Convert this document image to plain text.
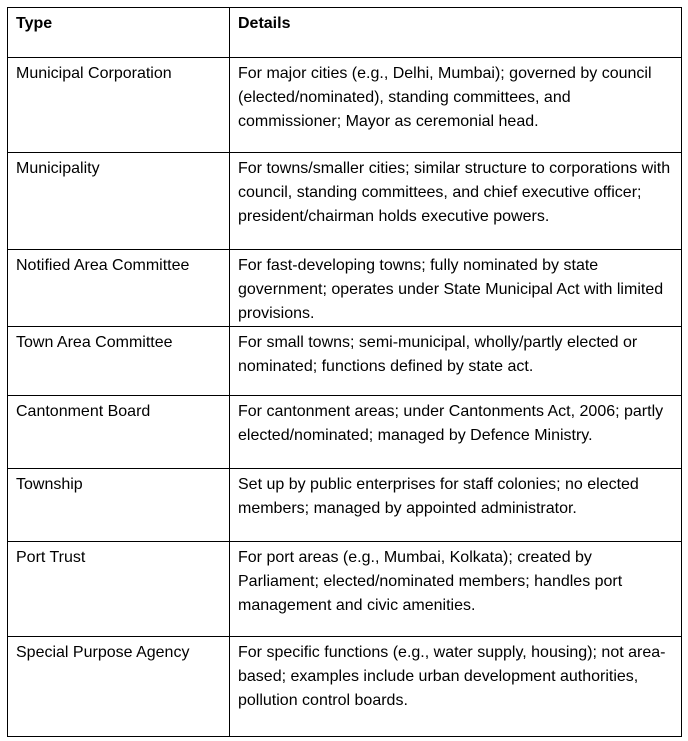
Type	Details
Municipal Corporation	For major cities (e.g., Delhi, Mumbai); governed by council (elected/nominated), standing committees, and commissioner; Mayor as ceremonial head.
Municipality	For towns/smaller cities; similar structure to corporations with council, standing committees, and chief executive officer; president/chairman holds executive powers.
Notified Area Committee	For fast-developing towns; fully nominated by state government; operates under State Municipal Act with limited provisions.
Town Area Committee	For small towns; semi-municipal, wholly/partly elected or nominated; functions defined by state act.
Cantonment Board	For cantonment areas; under Cantonments Act, 2006; partly elected/nominated; managed by Defence Ministry.
Township	Set up by public enterprises for staff colonies; no elected members; managed by appointed administrator.
Port Trust	For port areas (e.g., Mumbai, Kolkata); created by Parliament; elected/nominated members; handles port management and civic amenities.
Special Purpose Agency	For specific functions (e.g., water supply, housing); not area-based; examples include urban development authorities, pollution control boards.
